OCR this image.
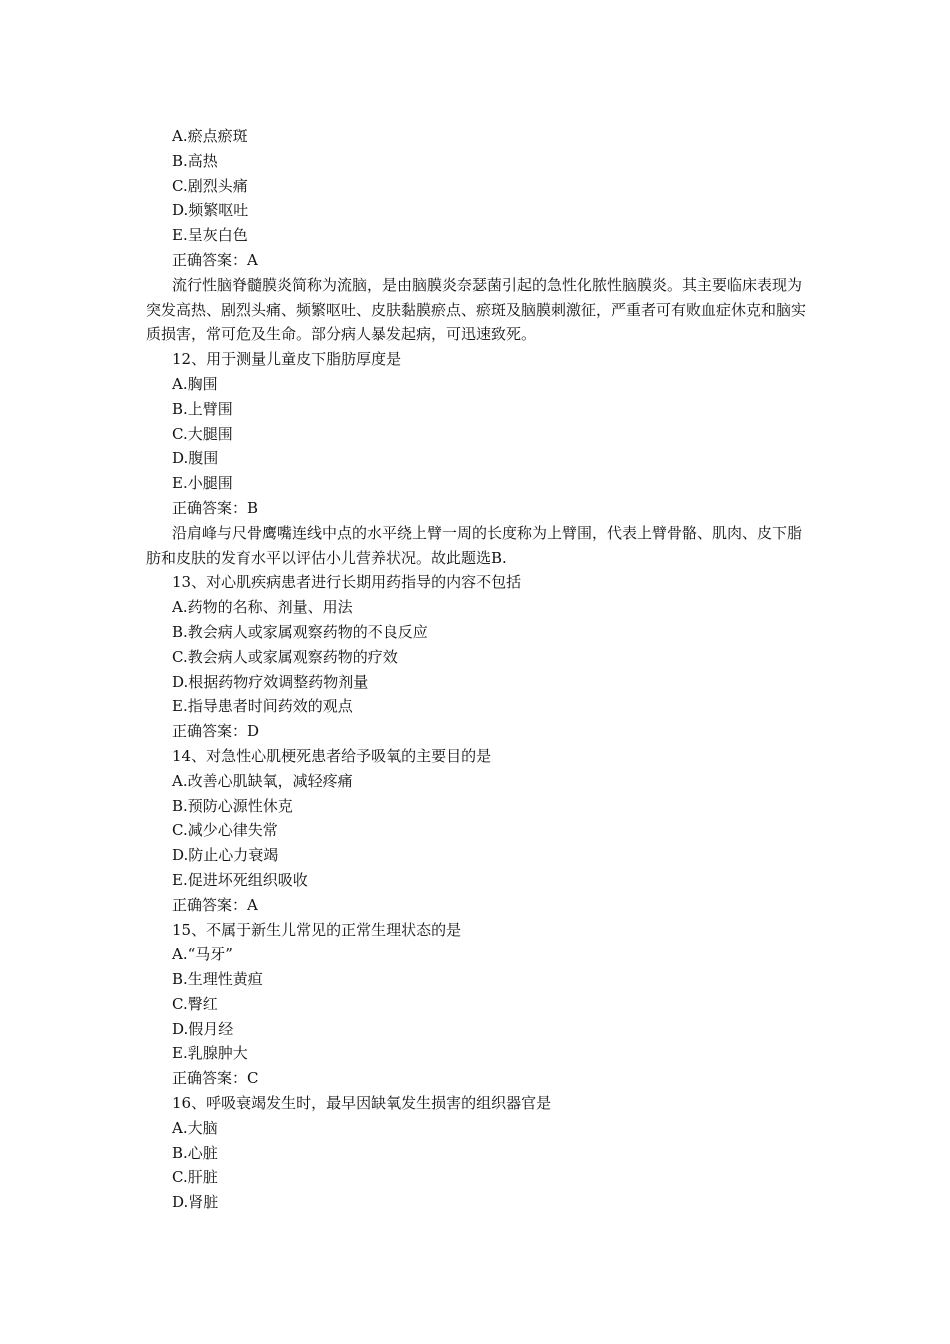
A.瘀点瘀斑
B.高热
C.剧烈头痛
D.频繁呕吐
E.呈灰白色
正确答案：A
流行性脑脊髓膜炎简称为流脑，是由脑膜炎奈瑟菌引起的急性化脓性脑膜炎。其主要临床表现为突发高热、剧烈头痛、频繁呕吐、皮肤黏膜瘀点、瘀斑及脑膜刺激征，严重者可有败血症休克和脑实质损害，常可危及生命。部分病人暴发起病，可迅速致死。
12、用于测量儿童皮下脂肪厚度是
A.胸围
B.上臂围
C.大腿围
D.腹围
E.小腿围
正确答案：B
沿肩峰与尺骨鹰嘴连线中点的水平绕上臂一周的长度称为上臂围，代表上臂骨骼、肌肉、皮下脂肪和皮肤的发育水平以评估小儿营养状况。故此题选B.
13、对心肌疾病患者进行长期用药指导的内容不包括
A.药物的名称、剂量、用法
B.教会病人或家属观察药物的不良反应
C.教会病人或家属观察药物的疗效
D.根据药物疗效调整药物剂量
E.指导患者时间药效的观点
正确答案：D
14、对急性心肌梗死患者给予吸氧的主要目的是
A.改善心肌缺氧，减轻疼痛
B.预防心源性休克
C.减少心律失常
D.防止心力衰竭
E.促进坏死组织吸收
正确答案：A
15、不属于新生儿常见的正常生理状态的是
A.“马牙”
B.生理性黄疸
C.臀红
D.假月经
E.乳腺肿大
正确答案：C
16、呼吸衰竭发生时，最早因缺氧发生损害的组织器官是
A.大脑
B.心脏
C.肝脏
D.肾脏
